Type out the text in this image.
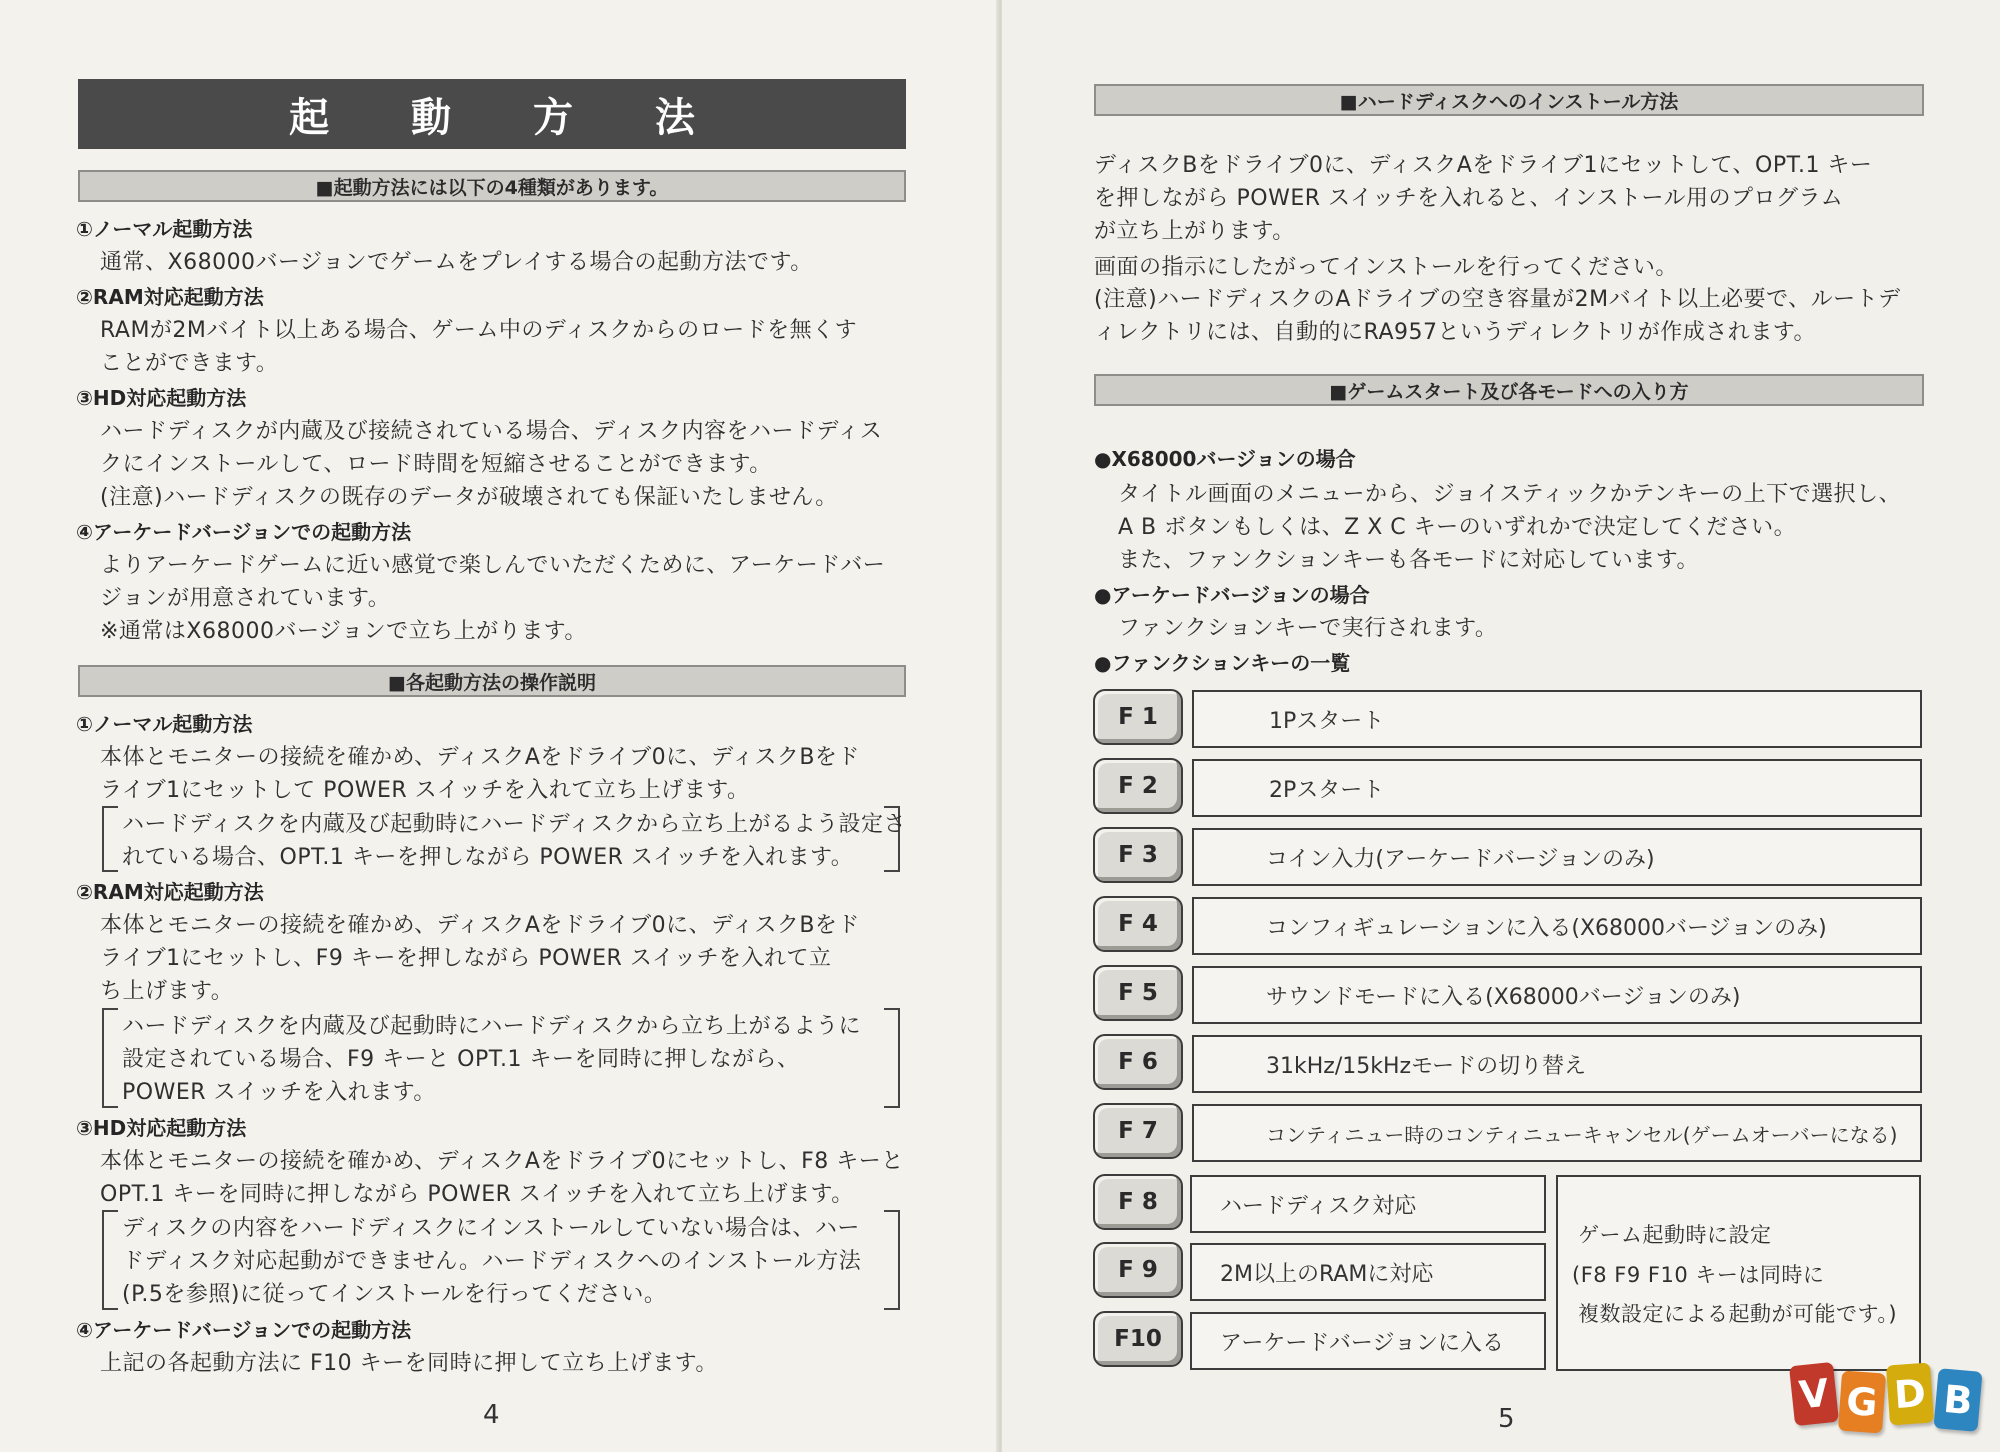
起 動 方 法
■起動方法には以下の4種類があります。
①ノーマル起動方法
通常、X68000バージョンでゲームをプレイする場合の起動方法です。
②RAM対応起動方法
RAMが2Mバイト以上ある場合、ゲーム中のディスクからのロードを無くす
ことができます。
③HD対応起動方法
ハードディスクが内蔵及び接続されている場合、ディスク内容をハードディス
クにインストールして、ロード時間を短縮させることができます。
(注意)ハードディスクの既存のデータが破壊されても保証いたしません。
④アーケードバージョンでの起動方法
よりアーケードゲームに近い感覚で楽しんでいただくために、アーケードバー
ジョンが用意されています。
※通常はX68000バージョンで立ち上がります。
■各起動方法の操作説明
①ノーマル起動方法
本体とモニターの接続を確かめ、ディスクAをドライブ0に、ディスクBをド
ライブ1にセットして POWER スイッチを入れて立ち上げます。
ハードディスクを内蔵及び起動時にハードディスクから立ち上がるよう設定さ
れている場合、OPT.1 キーを押しながら POWER スイッチを入れます。
②RAM対応起動方法
本体とモニターの接続を確かめ、ディスクAをドライブ0に、ディスクBをド
ライブ1にセットし、F9 キーを押しながら POWER スイッチを入れて立
ち上げます。
ハードディスクを内蔵及び起動時にハードディスクから立ち上がるように
設定されている場合、F9 キーと OPT.1 キーを同時に押しながら、
POWER スイッチを入れます。
③HD対応起動方法
本体とモニターの接続を確かめ、ディスクAをドライブ0にセットし、F8 キーと
OPT.1 キーを同時に押しながら POWER スイッチを入れて立ち上げます。
ディスクの内容をハードディスクにインストールしていない場合は、ハー
ドディスク対応起動ができません。ハードディスクへのインストール方法
(P.5を参照)に従ってインストールを行ってください。
④アーケードバージョンでの起動方法
上記の各起動方法に F10 キーを同時に押して立ち上げます。
4
■ハードディスクへのインストール方法
ディスクBをドライブ0に、ディスクAをドライブ1にセットして、OPT.1 キー
を押しながら POWER スイッチを入れると、インストール用のプログラム
が立ち上がります。
画面の指示にしたがってインストールを行ってください。
(注意)ハードディスクのAドライブの空き容量が2Mバイト以上必要で、ルートデ
ィレクトリには、自動的にRA957というディレクトリが作成されます。
■ゲームスタート及び各モードへの入り方
●X68000バージョンの場合
タイトル画面のメニューから、ジョイスティックかテンキーの上下で選択し、
A B ボタンもしくは、Z X C キーのいずれかで決定してください。
また、ファンクションキーも各モードに対応しています。
●アーケードバージョンの場合
ファンクションキーで実行されます。
●ファンクションキーの一覧
5
F 1	1Pスタート
F 2	2Pスタート
F 3	コイン入力(アーケードバージョンのみ)
F 4	コンフィギュレーションに入る(X68000バージョンのみ)
F 5	サウンドモードに入る(X68000バージョンのみ)
F 6	31kHz/15kHzモードの切り替え
F 7	コンティニュー時のコンティニューキャンセル(ゲームオーバーになる)
F 8	ハードディスク対応
F 9	2M以上のRAMに対応
F10	アーケードバージョンに入る
ゲーム起動時に設定
(F8 F9 F10 キーは同時に
複数設定による起動が可能です。)
V G D B
